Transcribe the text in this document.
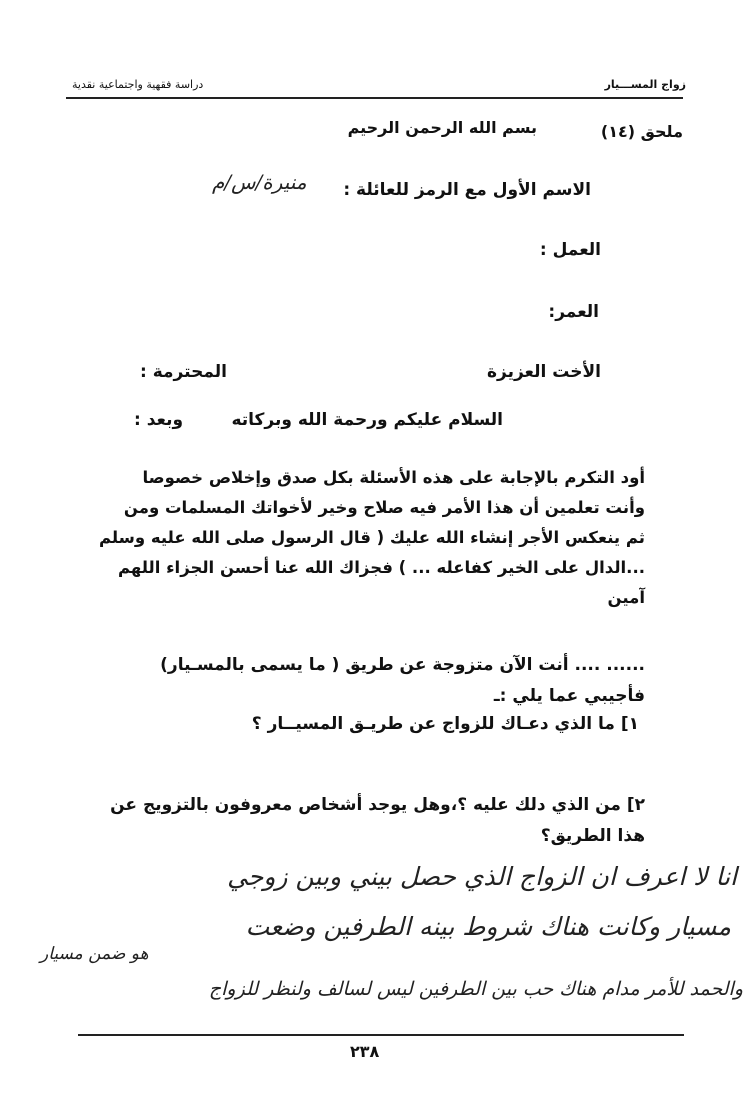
زواج المســـيار
دراسة فقهية واجتماعية نقدية
ملحق (١٤)
بسم الله الرحمن الرحيم
الاسم الأول مع الرمز للعائلة :
منيرة/س/م
العمل :
العمر:
الأخت العزيزة
المحترمة :
السلام عليكم ورحمة الله وبركاته
وبعد :
أود التكرم بالإجابة على هذه الأسئلة بكل صدق وإخلاص خصوصا
وأنت تعلمين أن هذا الأمر فيه صلاح وخير لأخواتك المسلمات ومن
ثم ينعكس الأجر إنشاء الله عليك ( قال الرسول صلى الله عليه وسلم
...الدال على الخير كفاعله ... ) فجزاك الله عنا أحسن الجزاء اللهم
آمين
...... .... أنت الآن متزوجة عن طريق ( ما يسمى بالمسـيار)
فأجيبي عما يلي :ـ
١] ما الذي دعـاك للزواج عن طريـق المسيــار ؟
٢] من الذي دلك عليه ؟،وهل يوجد أشخاص معروفون بالتزويج عن
هذا الطريق؟
انا لا اعرف ان الزواج الذي حصل بيني وبين زوجي
مسيار وكانت هناك شروط بينه الطرفين وضعت
هو ضمن مسيار
والحمد للأمر مدام هناك حب بين الطرفين ليس لسالف ولنظر للزواج
٢٣٨
